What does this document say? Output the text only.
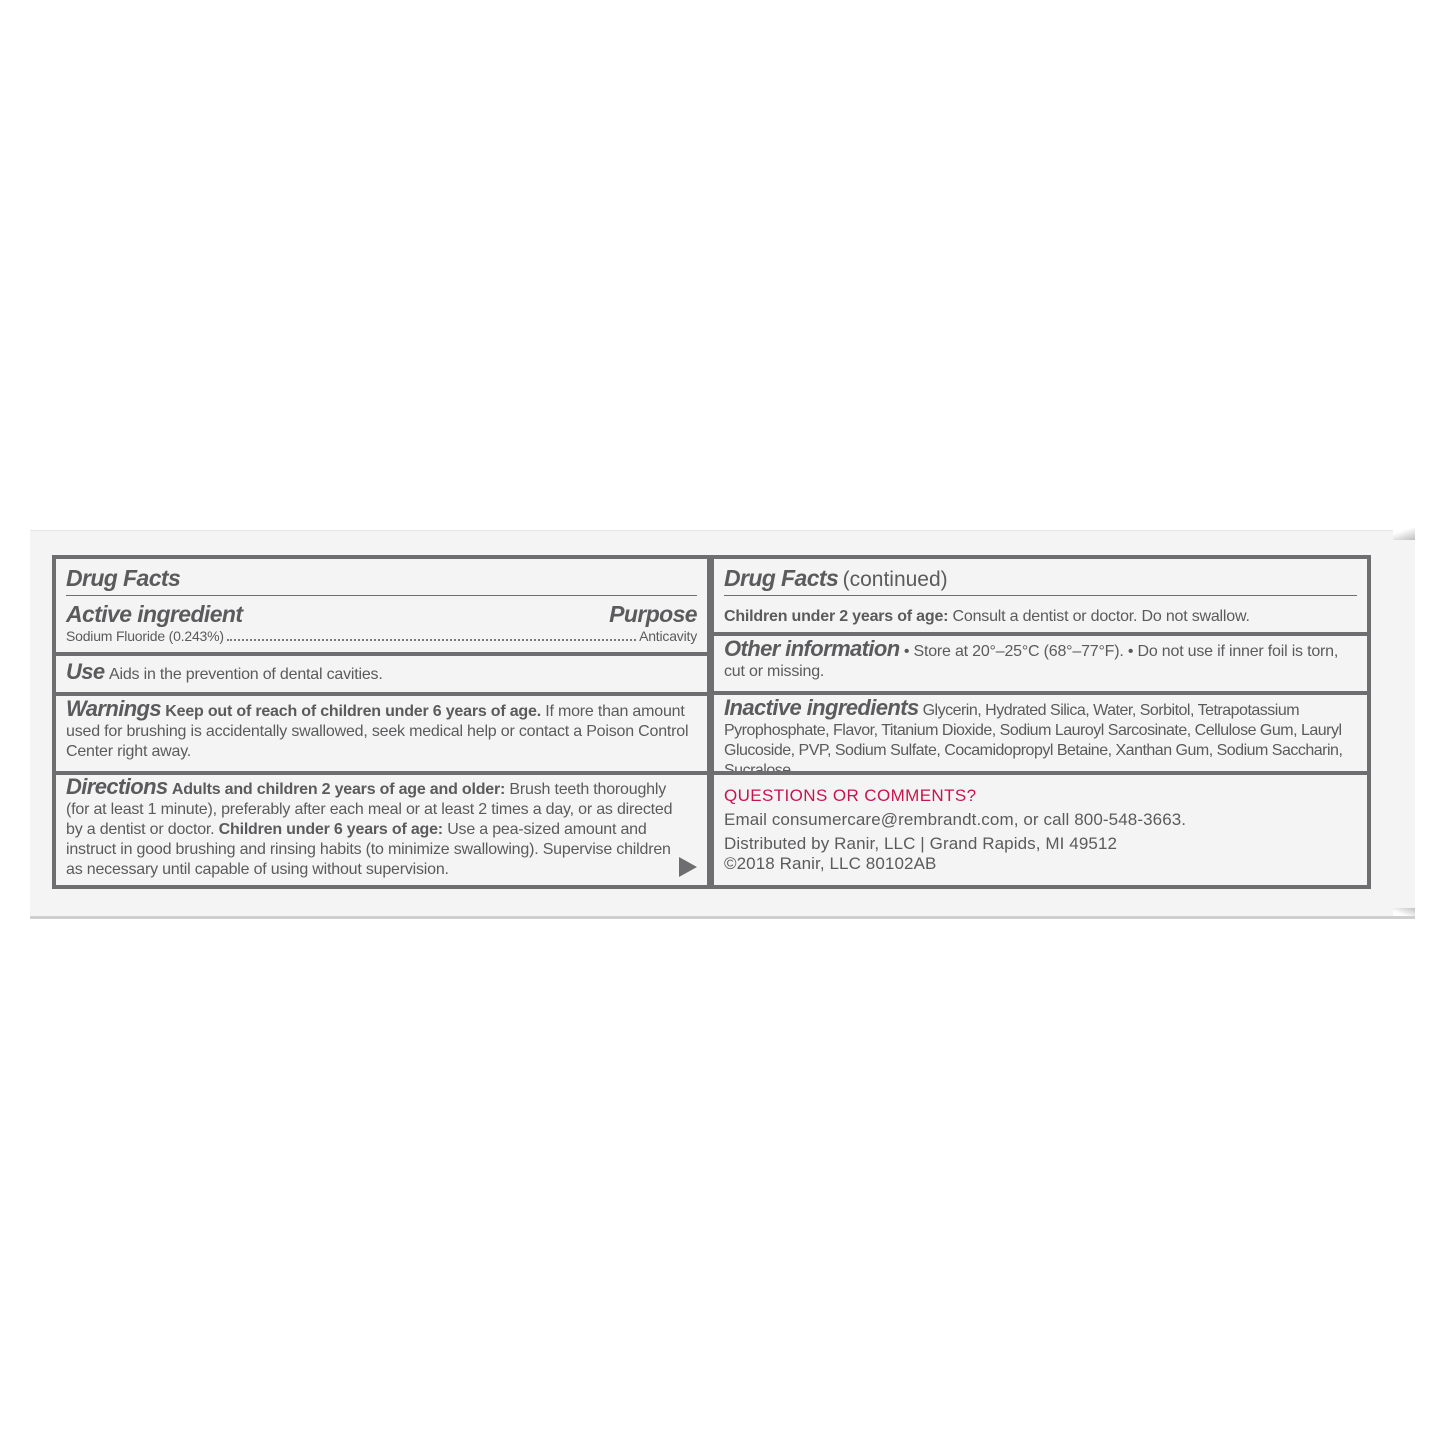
Drug Facts
Active ingredient	Purpose
Sodium Fluoride (0.243%)	Anticavity
Use Aids in the prevention of dental cavities.
Warnings Keep out of reach of children under 6 years of age. If more than amount used for brushing is accidentally swallowed, seek medical help or contact a Poison Control Center right away.
Directions Adults and children 2 years of age and older: Brush teeth thoroughly (for at least 1 minute), preferably after each meal or at least 2 times a day, or as directed by a dentist or doctor. Children under 6 years of age: Use a pea-sized amount and instruct in good brushing and rinsing habits (to minimize swallowing). Supervise children as necessary until capable of using without supervision.
Drug Facts (continued)
Children under 2 years of age: Consult a dentist or doctor. Do not swallow.
Other information • Store at 20°–25°C (68°–77°F). • Do not use if inner foil is torn, cut or missing.
Inactive ingredients Glycerin, Hydrated Silica, Water, Sorbitol, Tetrapotassium Pyrophosphate, Flavor, Titanium Dioxide, Sodium Lauroyl Sarcosinate, Cellulose Gum, Lauryl Glucoside, PVP, Sodium Sulfate, Cocamidopropyl Betaine, Xanthan Gum, Sodium Saccharin,
QUESTIONS OR COMMENTS?
Email consumercare@rembrandt.com, or call 800-548-3663.
Distributed by Ranir, LLC | Grand Rapids, MI 49512
©2018 Ranir, LLC 80102AB
